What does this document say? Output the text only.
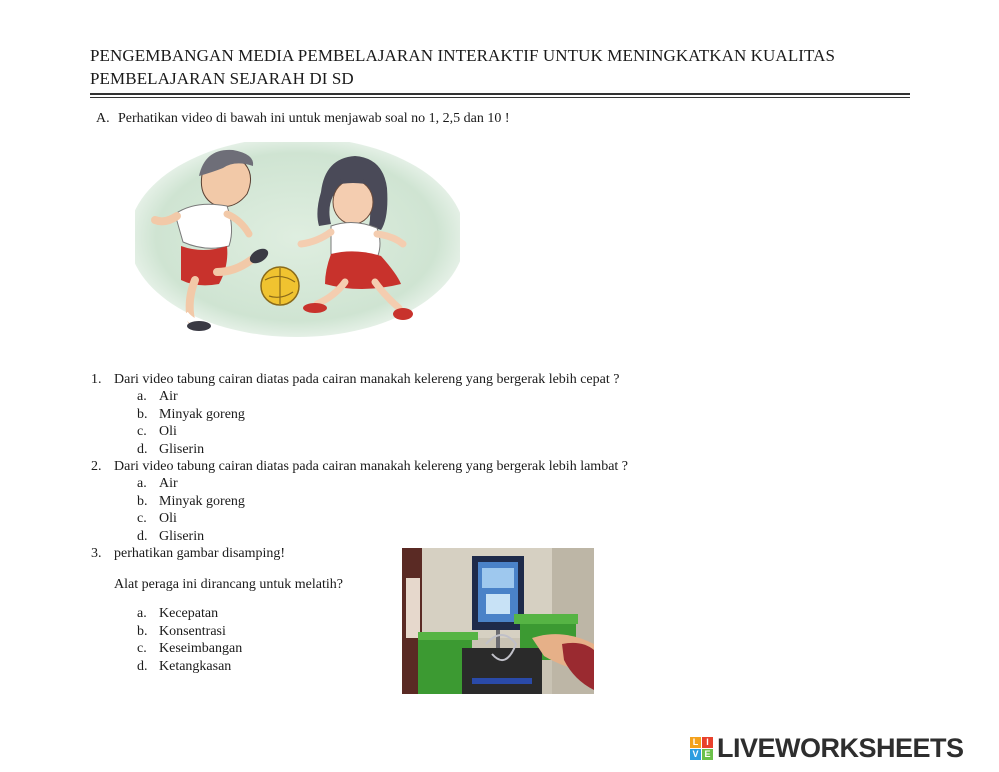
PENGEMBANGAN MEDIA PEMBELAJARAN INTERAKTIF UNTUK MENINGKATKAN KUALITAS
PEMBELAJARAN SEJARAH DI SD
A. Perhatikan video di bawah ini untuk menjawab soal no 1, 2,5 dan 10 !
1. Dari video tabung cairan diatas pada cairan manakah kelereng yang bergerak lebih cepat ?
a. Air
b. Minyak goreng
c. Oli
d. Gliserin
2. Dari video tabung cairan diatas pada cairan manakah kelereng yang bergerak lebih lambat ?
a. Air
b. Minyak goreng
c. Oli
d. Gliserin
3. perhatikan gambar disamping!
Alat peraga ini dirancang untuk melatih?
a. Kecepatan
b. Konsentrasi
c. Keseimbangan
d. Ketangkasan
L I
V E LIVEWORKSHEETS
